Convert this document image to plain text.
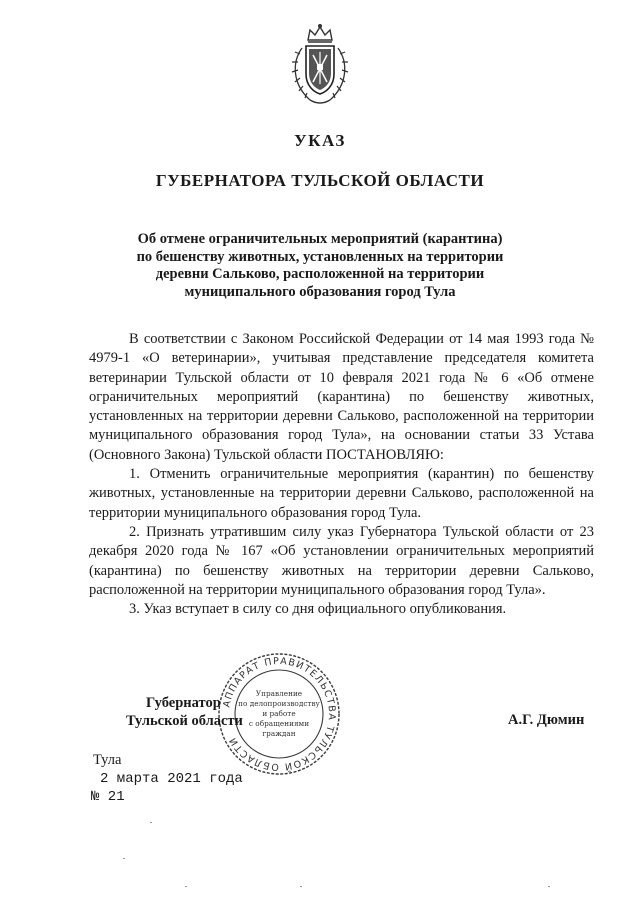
УКАЗ
ГУБЕРНАТОРА ТУЛЬСКОЙ ОБЛАСТИ
Об отмене ограничительных мероприятий (карантина)
по бешенству животных, установленных на территории
деревни Сальково, расположенной на территории
муниципального образования город Тула

В соответствии с Законом Российской Федерации от 14 мая 1993 года № 4979-1 «О ветеринарии», учитывая представление председателя комитета ветеринарии Тульской области от 10 февраля 2021 года № 6 «Об отмене ограничительных мероприятий (карантина) по бешенству животных, установленных на территории деревни Сальково, расположенной на территории муниципального образования город Тула», на основании статьи 33 Устава (Основного Закона) Тульской области ПОСТАНОВЛЯЮ:

1. Отменить ограничительные мероприятия (карантин) по бешенству животных, установленные на территории деревни Сальково, расположенной на территории муниципального образования город Тула.

2. Признать утратившим силу указ Губернатора Тульской области от 23 декабря 2020 года № 167 «Об установлении ограничительных мероприятий (карантина) по бешенству животных на территории деревни Сальково, расположенной на территории муниципального образования город Тула».

3. Указ вступает в силу со дня официального опубликования.

АППАРАТ ПРАВИТЕЛЬСТВА ТУЛЬСКОЙ ОБЛАСТИ
Управление
по делопроизводству
и работе
с обращениями
граждан
Губернатор
Тульской области	А.Г. Дюмин
Тула
2 марта 2021 года
№ 21
